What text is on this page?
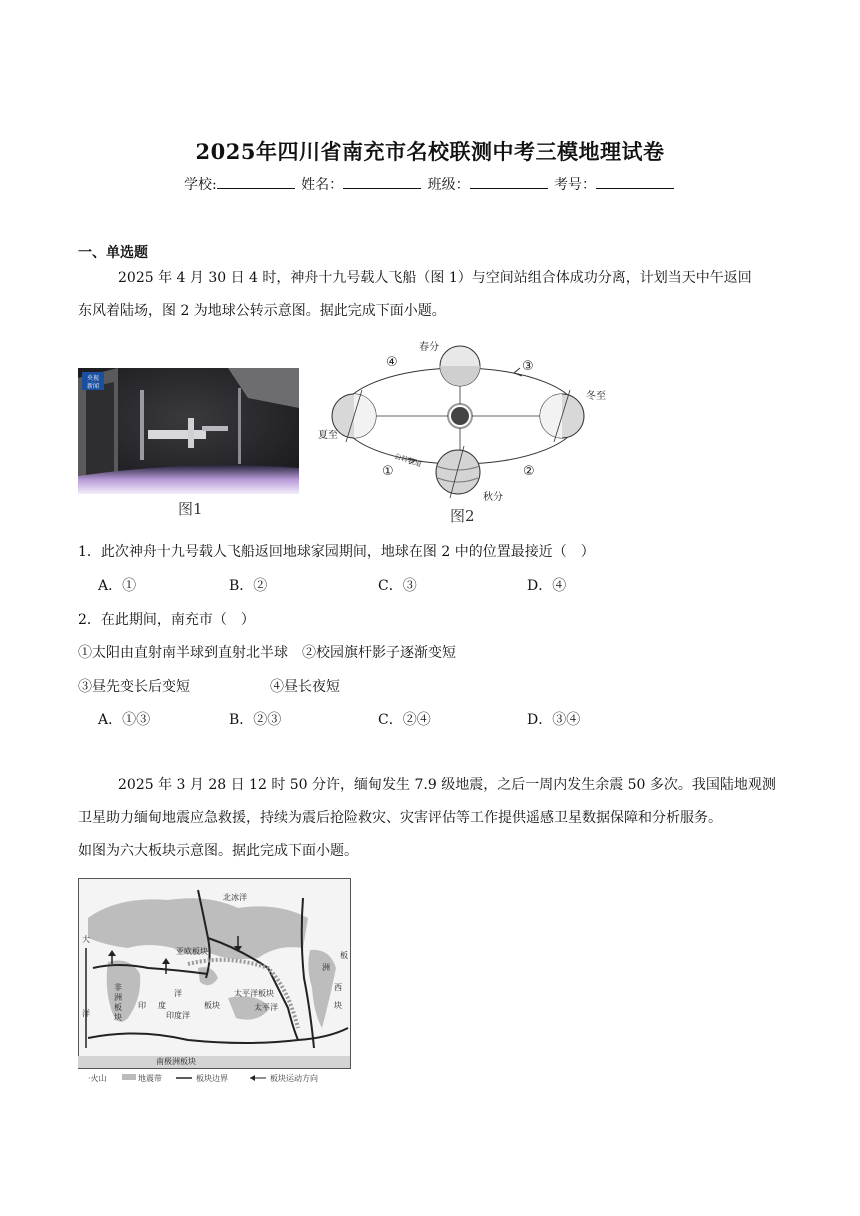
2025年四川省南充市名校联测中考三模地理试卷
学校:	姓名：	班级：	考号：
一、单选题
2025 年 4 月 30 日 4 时，神舟十九号载人飞船（图 1）与空间站组合体成功分离，计划当天中午返回
东风着陆场，图 2 为地球公转示意图。据此完成下面小题。
央视
新闻
图1
春分
夏至
秋分
冬至
公转轨道
①	②
③
④
图2
1．此次神舟十九号载人飞船返回地球家园期间，地球在图 2 中的位置最接近（　）
A．①	B．②	C．③	D．④
2．在此期间，南充市（　）
①太阳由直射南半球到直射北半球　②校园旗杆影子逐渐变短
③昼先变长后变短	④昼长夜短
A．①③	B．②③	C．②④	D．③④
2025 年 3 月 28 日 12 时 50 分许，缅甸发生 7.9 级地震，之后一周内发生余震 50 多次。我国陆地观测
卫星助力缅甸地震应急救援，持续为震后抢险救灾、灾害评估等工作提供遥感卫星数据保障和分析服务。
如图为六大板块示意图。据此完成下面小题。
北冰洋
亚欧板块
太平洋板块
太平洋
非
洲
板
块
印 度
洋
板块
印度洋
南极洲板块
大
洋
洲
西
块
板
·火山	地震带	板块边界	板块运动方向
